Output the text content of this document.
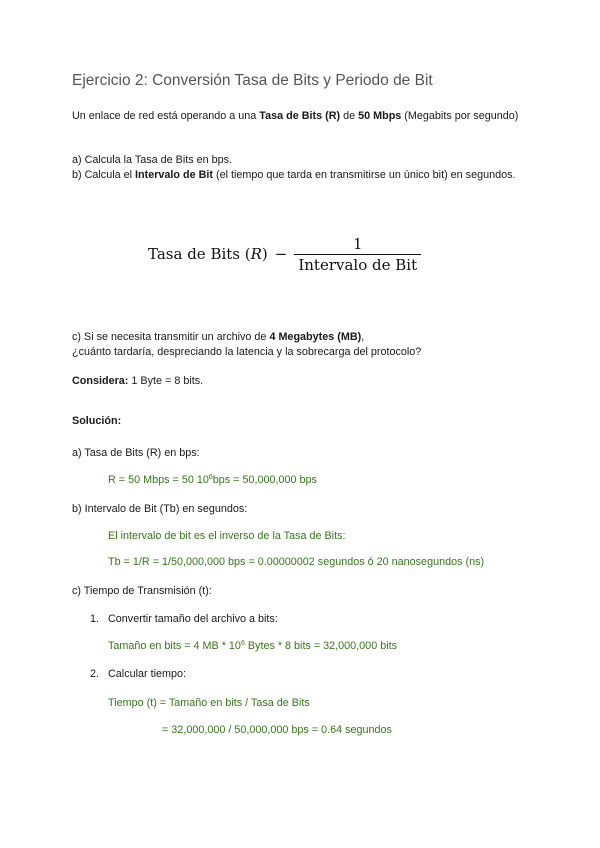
Ejercicio 2: Conversión Tasa de Bits y Periodo de Bit

Un enlace de red está operando a una Tasa de Bits (R) de 50 Mbps (Megabits por segundo)

a) Calcula la Tasa de Bits en bps.

b) Calcula el Intervalo de Bit (el tiempo que tarda en transmitirse un único bit) en segundos.

Tasa de Bits $(R) - \frac{1}{\text{Intervalo de Bit}}$

c) Si se necesita transmitir un archivo de 4 Megabytes (MB),
¿cuánto tardaría, despreciando la latencia y la sobrecarga del protocolo?

Considera: 1 Byte = 8 bits.

Solución:

a) Tasa de Bits (R) en bps:

R = 50 Mbps = 50 $10^6bps = 50,000,000$ bps

b) Intervalo de Bit (Tb) en segundos:

El intervalo de bit es el inverso de la Tasa de Bits:

Tb = 1/R = 1/50,000,000 bps = 0.00000002 segundos ó 20 nanosegundos (ns)

c) Tiempo de Transmisión (t):

1. Convertir tamaño del archivo a bits:

Tamaño en bits = 4 MB * $10^6$ Bytes * 8 bits = 32,000,000 bits

2. Calcular tiempo:

Tiempo (t) = Tamaño en bits / Tasa de Bits

= 32,000,000 / 50,000,000 bps = 0.64 segundos
